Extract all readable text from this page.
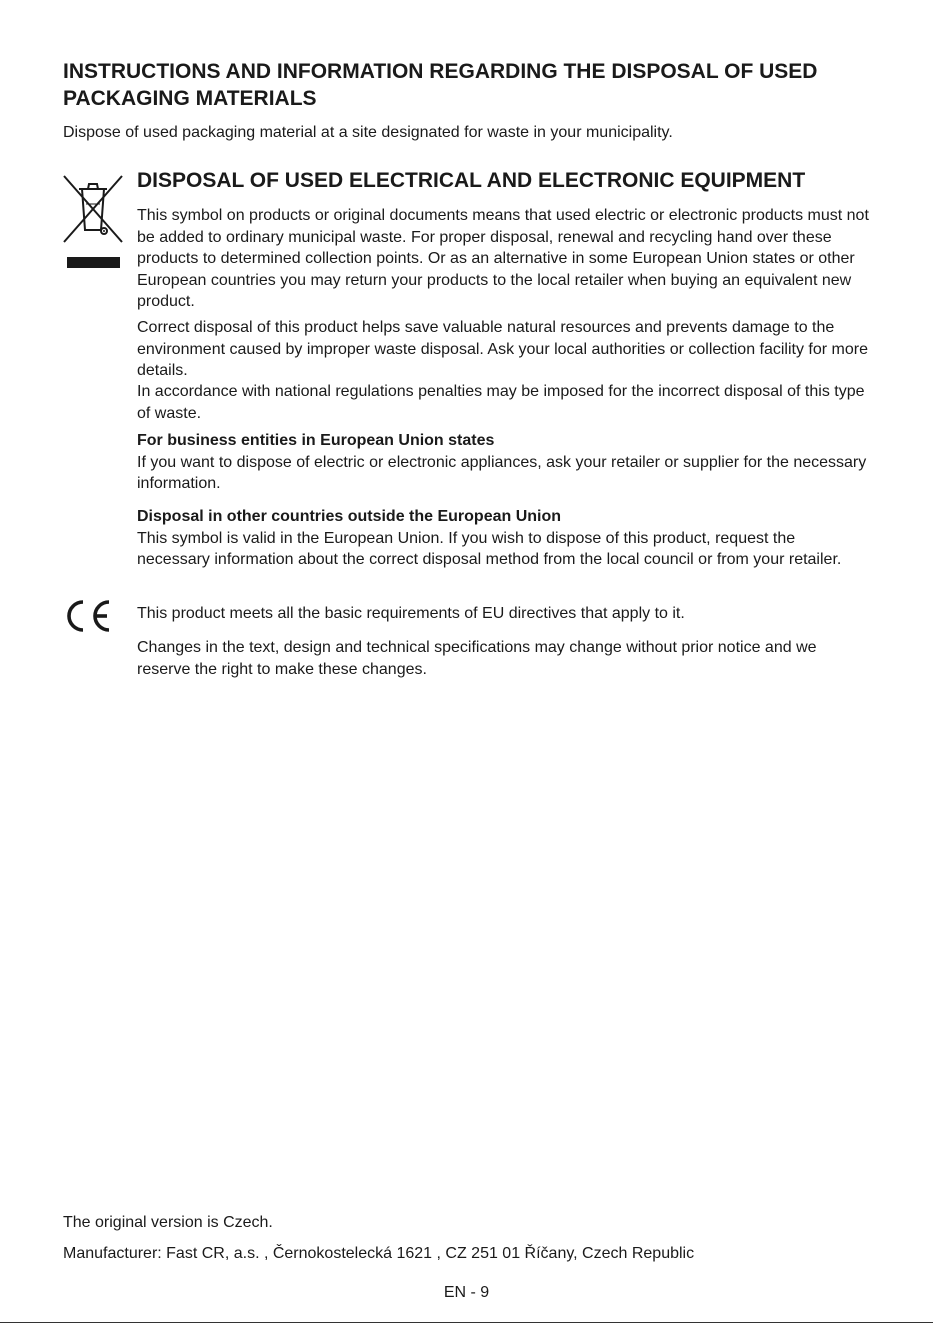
INSTRUCTIONS AND INFORMATION REGARDING THE DISPOSAL OF USED PACKAGING MATERIALS

Dispose of used packaging material at a site designated for waste in your municipality.

DISPOSAL OF USED ELECTRICAL AND ELECTRONIC EQUIPMENT

This symbol on products or original documents means that used electric or electronic products must not be added to ordinary municipal waste. For proper disposal, renewal and recycling hand over these products to determined collection points. Or as an alternative in some European Union states or other European countries you may return your products to the local retailer when buying an equivalent new product.

Correct disposal of this product helps save valuable natural resources and prevents damage to the environment caused by improper waste disposal. Ask your local authorities or collection facility for more details.

In accordance with national regulations penalties may be imposed for the incorrect disposal of this type of waste.

For business entities in European Union states
If you want to dispose of electric or electronic appliances, ask your retailer or supplier for the necessary information.
Disposal in other countries outside the European Union
This symbol is valid in the European Union. If you wish to dispose of this product, request the necessary information about the correct disposal method from the local council or from your retailer.

This product meets all the basic requirements of EU directives that apply to it.

Changes in the text, design and technical specifications may change without prior notice and we reserve the right to make these changes.

The original version is Czech.

Manufacturer: Fast CR, a.s. , Černokostelecká 1621 , CZ 251 01 Říčany, Czech Republic

EN - 9
